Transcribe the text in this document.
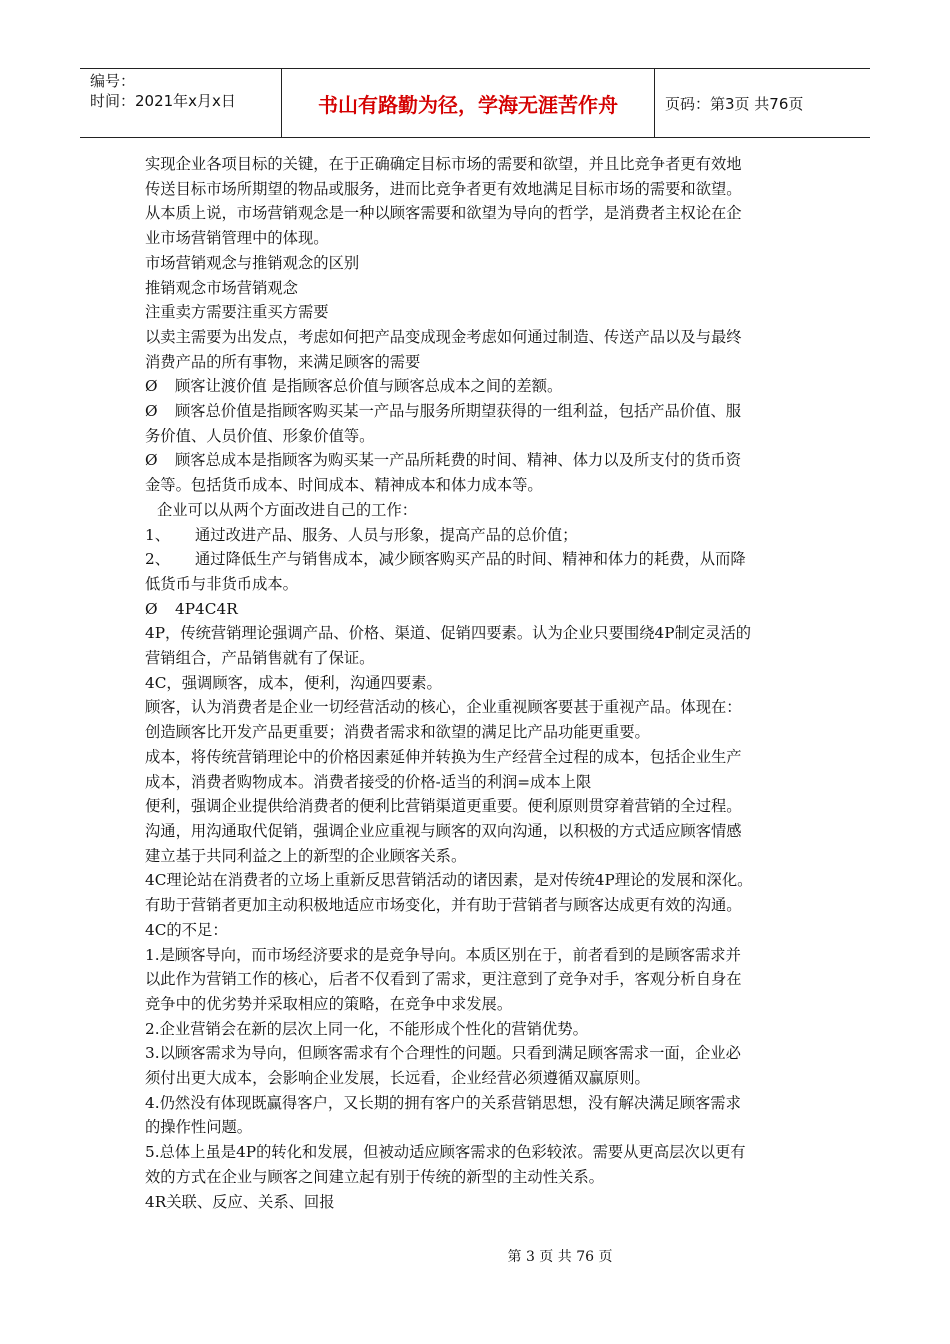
编号：
时间：2021年x月x日	书山有路勤为径，学海无涯苦作舟	页码：第3页 共76页

实现企业各项目标的关键，在于正确确定目标市场的需要和欲望，并且比竞争者更有效地

传送目标市场所期望的物品或服务，进而比竞争者更有效地满足目标市场的需要和欲望。

从本质上说，市场营销观念是一种以顾客需要和欲望为导向的哲学，是消费者主权论在企

业市场营销管理中的体现。

市场营销观念与推销观念的区别

推销观念市场营销观念

注重卖方需要注重买方需要

以卖主需要为出发点，考虑如何把产品变成现金考虑如何通过制造、传送产品以及与最终

消费产品的所有事物，来满足顾客的需要

Ø 顾客让渡价值 是指顾客总价值与顾客总成本之间的差额。

Ø 顾客总价值是指顾客购买某一产品与服务所期望获得的一组利益，包括产品价值、服

务价值、人员价值、形象价值等。

Ø 顾客总成本是指顾客为购买某一产品所耗费的时间、精神、体力以及所支付的货币资

金等。包括货币成本、时间成本、精神成本和体力成本等。

企业可以从两个方面改进自己的工作：

1、 通过改进产品、服务、人员与形象，提高产品的总价值；

2、 通过降低生产与销售成本，减少顾客购买产品的时间、精神和体力的耗费，从而降

低货币与非货币成本。

Ø 4P4C4R

4P，传统营销理论强调产品、价格、渠道、促销四要素。认为企业只要围绕4P制定灵活的

营销组合，产品销售就有了保证。

4C，强调顾客，成本，便利，沟通四要素。

顾客，认为消费者是企业一切经营活动的核心，企业重视顾客要甚于重视产品。体现在：

创造顾客比开发产品更重要；消费者需求和欲望的满足比产品功能更重要。

成本，将传统营销理论中的价格因素延伸并转换为生产经营全过程的成本，包括企业生产

成本，消费者购物成本。消费者接受的价格-适当的利润=成本上限

便利，强调企业提供给消费者的便利比营销渠道更重要。便利原则贯穿着营销的全过程。

沟通，用沟通取代促销，强调企业应重视与顾客的双向沟通，以积极的方式适应顾客情感

建立基于共同利益之上的新型的企业顾客关系。

4C理论站在消费者的立场上重新反思营销活动的诸因素，是对传统4P理论的发展和深化。

有助于营销者更加主动积极地适应市场变化，并有助于营销者与顾客达成更有效的沟通。

4C的不足：

1.是顾客导向，而市场经济要求的是竞争导向。本质区别在于，前者看到的是顾客需求并

以此作为营销工作的核心，后者不仅看到了需求，更注意到了竞争对手，客观分析自身在

竞争中的优劣势并采取相应的策略，在竞争中求发展。

2.企业营销会在新的层次上同一化，不能形成个性化的营销优势。

3.以顾客需求为导向，但顾客需求有个合理性的问题。只看到满足顾客需求一面，企业必

须付出更大成本，会影响企业发展，长远看，企业经营必须遵循双赢原则。

4.仍然没有体现既赢得客户，又长期的拥有客户的关系营销思想，没有解决满足顾客需求

的操作性问题。

5.总体上虽是4P的转化和发展，但被动适应顾客需求的色彩较浓。需要从更高层次以更有

效的方式在企业与顾客之间建立起有别于传统的新型的主动性关系。

4R关联、反应、关系、回报

第 3 页 共 76 页
